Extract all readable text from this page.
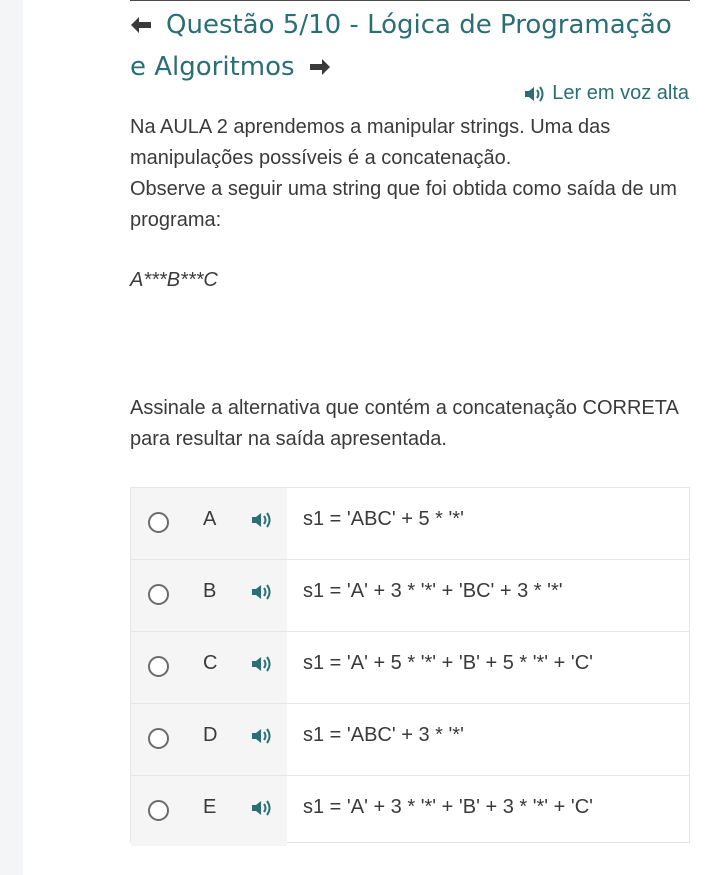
Questão 5/10 - Lógica de Programação e Algoritmos
Ler em voz alta
Na AULA 2 aprendemos a manipular strings. Uma das manipulações possíveis é a concatenação.
Observe a seguir uma string que foi obtida como saída de um programa:
A***B***C
Assinale a alternativa que contém a concatenação CORRETA para resultar na saída apresentada.
A	s1 = 'ABC' + 5 * '*'
B	s1 = 'A' + 3 * '*' + 'BC' + 3 * '*'
C	s1 = 'A' + 5 * '*' + 'B' + 5 * '*' + 'C'
D	s1 = 'ABC' + 3 * '*'
E	s1 = 'A' + 3 * '*' + 'B' + 3 * '*' + 'C'
